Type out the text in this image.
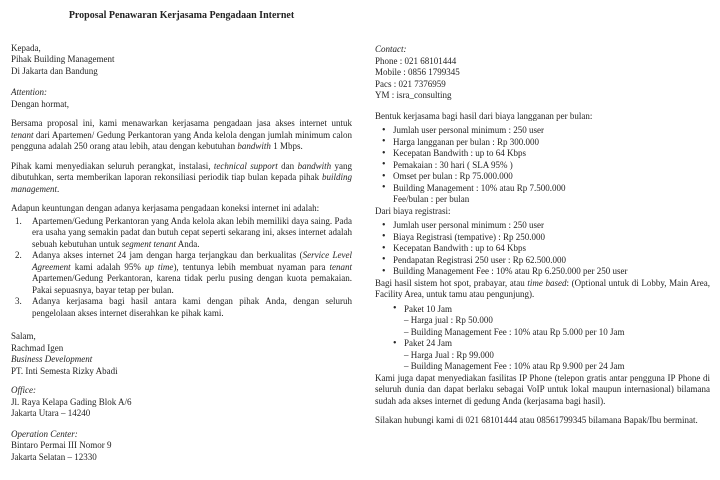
Proposal Penawaran Kerjasama Pengadaan Internet
Kepada,
Pihak Building Management
Di Jakarta dan Bandung
Attention:
Dengan hormat,

Bersama proposal ini, kami menawarkan kerjasama pengadaan jasa akses internet untuk tenant dari Apartemen/ Gedung Perkantoran yang Anda kelola dengan jumlah minimum calon pengguna adalah 250 orang atau lebih, atau dengan kebutuhan bandwith 1 Mbps.

Pihak kami menyediakan seluruh perangkat, instalasi, technical support dan bandwith yang dibutuhkan, serta memberikan laporan rekonsiliasi periodik tiap bulan kepada pihak building management.

Adapun keuntungan dengan adanya kerjasama pengadaan koneksi internet ini adalah:

1. Apartemen/Gedung Perkantoran yang Anda kelola akan lebih memiliki daya saing. Pada era usaha yang semakin padat dan butuh cepat seperti sekarang ini, akses internet adalah sebuah kebutuhan untuk segment tenant Anda.
2. Adanya akses internet 24 jam dengan harga terjangkau dan berkualitas (Service Level Agreement kami adalah 95% up time), tentunya lebih membuat nyaman para tenant Apartemen/Gedung Perkantoran, karena tidak perlu pusing dengan kuota pemakaian. Pakai sepuasnya, bayar tetap per bulan.
3. Adanya kerjasama bagi hasil antara kami dengan pihak Anda, dengan seluruh pengelolaan akses internet diserahkan ke pihak kami.
Salam,
Rachmad Igen
Business Development
PT. Inti Semesta Rizky Abadi
Office:
Jl. Raya Kelapa Gading Blok A/6
Jakarta Utara – 14240
Operation Center:
Bintaro Permai III Nomor 9
Jakarta Selatan – 12330
Contact:
Phone : 021 68101444
Mobile : 0856 1799345
Pacs : 021 7376959
YM : isra_consulting

Bentuk kerjasama bagi hasil dari biaya langganan per bulan:

• Jumlah user personal minimum : 250 user
• Harga langganan per bulan : Rp 300.000
• Kecepatan Bandwith : up to 64 Kbps
• Pemakaian : 30 hari ( SLA 95% )
• Omset per bulan : Rp 75.000.000
• Building Management : 10% atau Rp 7.500.000
Fee/bulan : per bulan

Dari biaya registrasi:

• Jumlah user personal minimum : 250 user
• Biaya Registrasi (tempative) : Rp 250.000
• Kecepatan Bandwith : up to 64 Kbps
• Pendapatan Registrasi 250 user : Rp 62.500.000
• Building Management Fee : 10% atau Rp 6.250.000 per 250 user

Bagi hasil sistem hot spot, prabayar, atau time based: (Optional untuk di Lobby, Main Area, Facility Area, untuk tamu atau pengunjung).

• Paket 10 Jam
– Harga jual : Rp 50.000
– Building Management Fee : 10% atau Rp 5.000 per 10 Jam
• Paket 24 Jam
– Harga Jual : Rp 99.000
– Building Management Fee : 10% atau Rp 9.900 per 24 Jam

Kami juga dapat menyediakan fasilitas IP Phone (telepon gratis antar pengguna IP Phone di seluruh dunia dan dapat berlaku sebagai VoIP untuk lokal maupun internasional) bilamana sudah ada akses internet di gedung Anda (kerjasama bagi hasil).

Silakan hubungi kami di 021 68101444 atau 08561799345 bilamana Bapak/Ibu berminat.
